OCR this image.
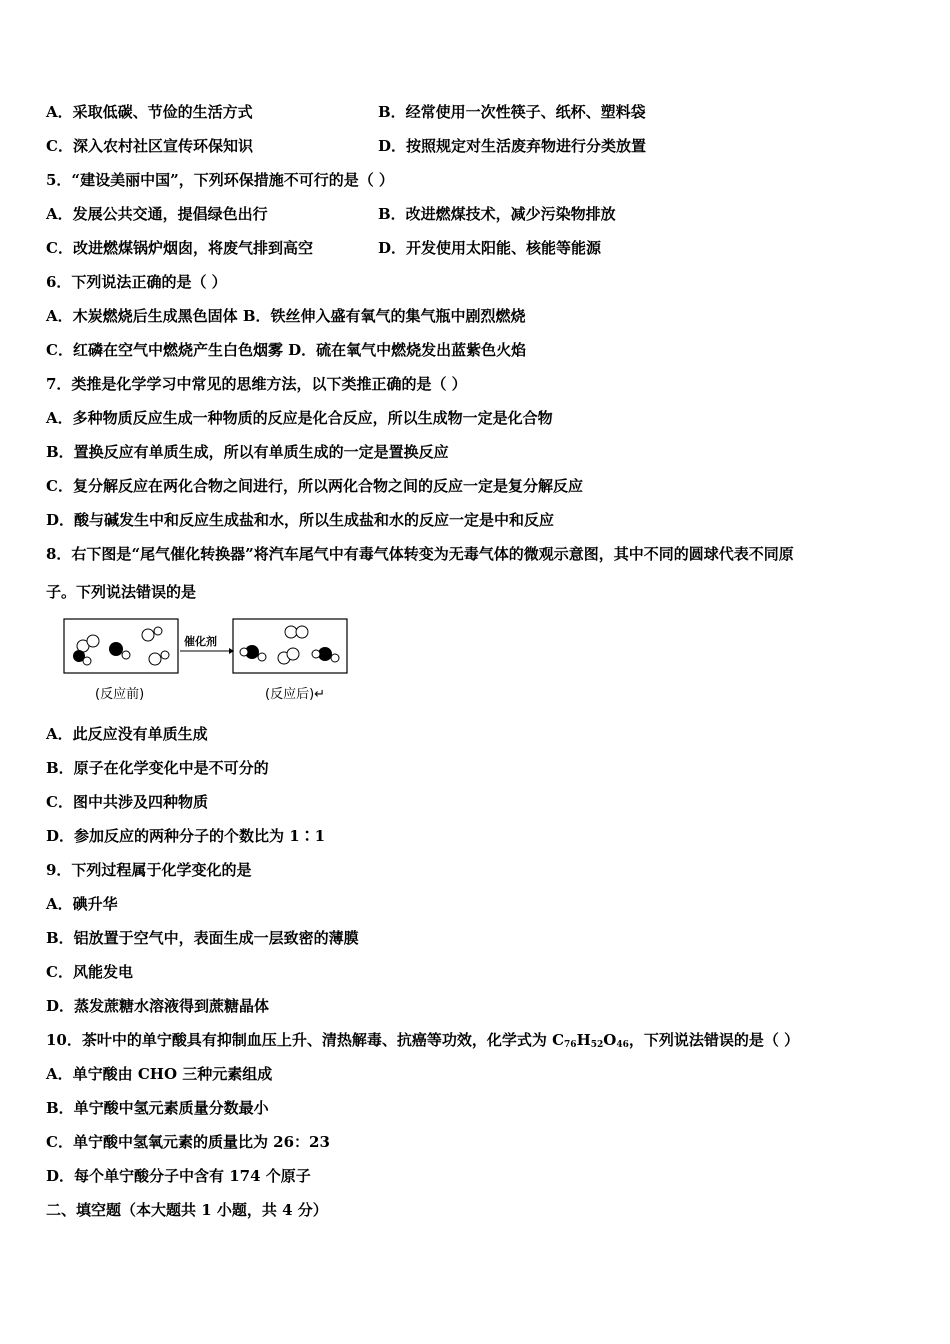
A．采取低碳、节俭的生活方式	B．经常使用一次性筷子、纸杯、塑料袋
C．深入农村社区宣传环保知识	D．按照规定对生活废弃物进行分类放置
5．“建设美丽中国”，下列环保措施不可行的是（ ）
A．发展公共交通，提倡绿色出行	B．改进燃煤技术，减少污染物排放
C．改进燃煤锅炉烟囱，将废气排到高空	D．开发使用太阳能、核能等能源
6．下列说法正确的是（ ）
A．木炭燃烧后生成黑色固体 B．铁丝伸入盛有氧气的集气瓶中剧烈燃烧
C．红磷在空气中燃烧产生白色烟雾 D．硫在氧气中燃烧发出蓝紫色火焰
7．类推是化学学习中常见的思维方法，以下类推正确的是（ ）
A．多种物质反应生成一种物质的反应是化合反应，所以生成物一定是化合物
B．置换反应有单质生成，所以有单质生成的一定是置换反应
C．复分解反应在两化合物之间进行，所以两化合物之间的反应一定是复分解反应
D．酸与碱发生中和反应生成盐和水，所以生成盐和水的反应一定是中和反应
8．右下图是“尾气催化转换器”将汽车尾气中有毒气体转变为无毒气体的微观示意图，其中不同的圆球代表不同原
子。下列说法错误的是
催化剂
(反应前)	(反应后)↵
A．此反应没有单质生成
B．原子在化学变化中是不可分的
C．图中共涉及四种物质
D．参加反应的两种分子的个数比为 1∶1
9．下列过程属于化学变化的是
A．碘升华
B．铝放置于空气中，表面生成一层致密的薄膜
C．风能发电
D．蒸发蔗糖水溶液得到蔗糖晶体
10．茶叶中的单宁酸具有抑制血压上升、清热解毒、抗癌等功效，化学式为 $C_{76}H_{52}O_{46}$，下列说法错误的是（ ）
A．单宁酸由 CHO 三种元素组成
B．单宁酸中氢元素质量分数最小
C．单宁酸中氢氧元素的质量比为 26：23
D．每个单宁酸分子中含有 174 个原子
二、填空题（本大题共 1 小题，共 4 分）
